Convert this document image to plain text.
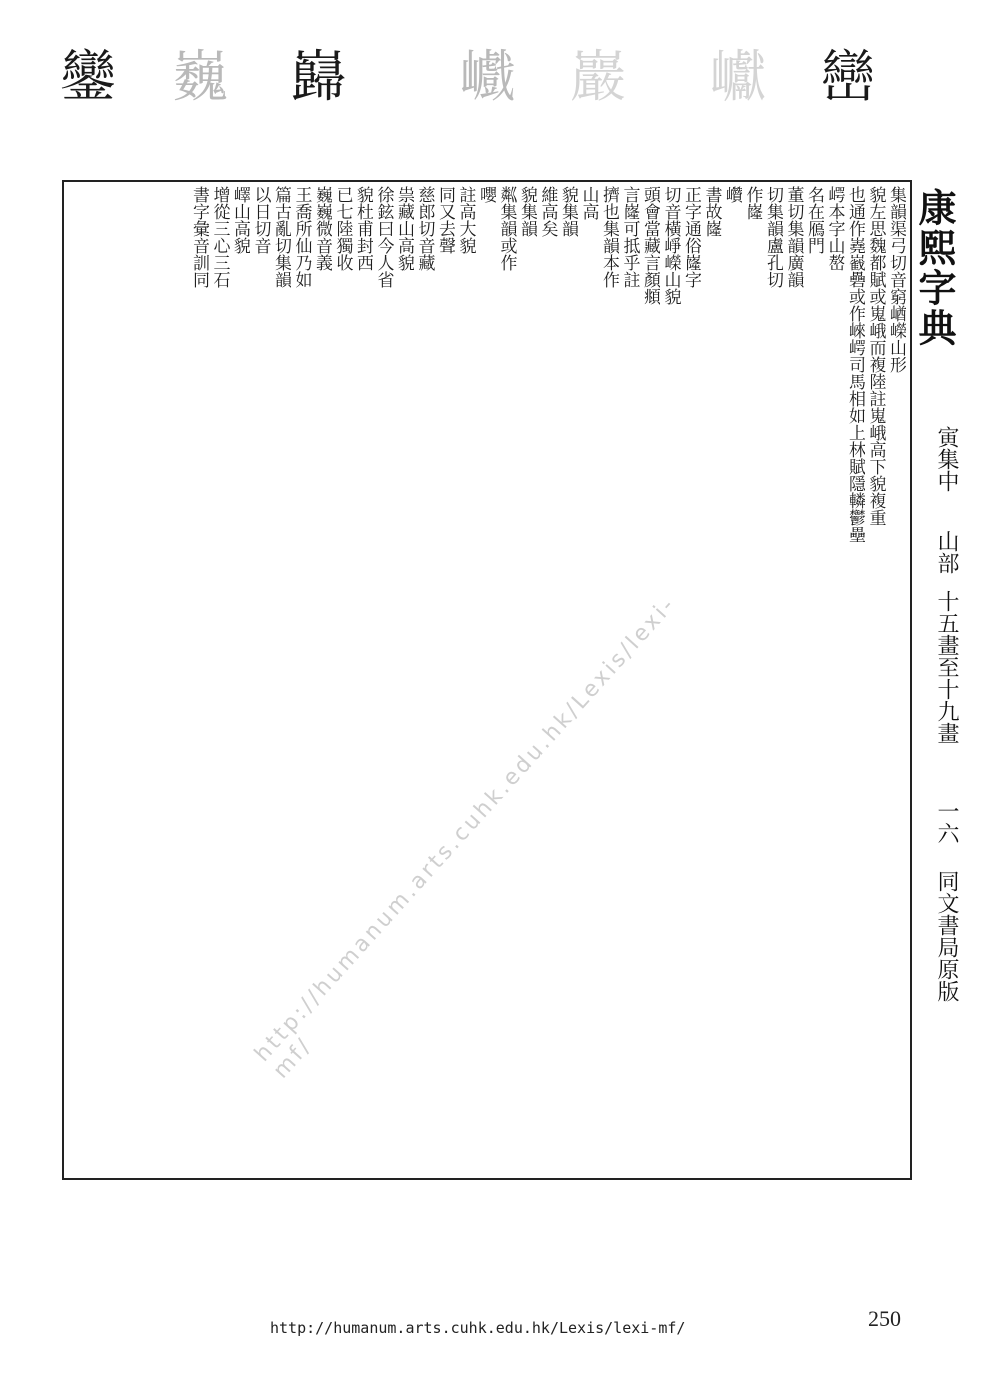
鑾 巍 巋 巇 巖 巘 巒
康熙字典
寅集中
山部
十五畫至十九畫
一六
同文書局原版
集韻渠弓切音窮崷嶸山形
貌左思魏都賦或嵬峨而複陸註嵬峨高下貌複重
也通作嶤巀礨或作崍崿司馬相如上林賦隱轔鬱壘
崿本字山嶅
名在鴈門
董切集韻廣韻
切集韻盧孔切
作嶐
巑
書故嶐
正字通俗嶐字
切音橫崢嶸山貌
頭會當藏言顏頫
言嶐可抵乎註
擠也集韻本作
山高
貌集韻
維高矣
貌集韻
粼集韻或作
嚶
註高大貌
同又去聲
慈郎切音藏
祟藏山高貌
徐鉉曰今人省
貌杜甫封西
已七陸獨收
巍巍微音義
王喬所仙乃如
篇古亂切集韻
以日切音
嶧山高貌
增從三心三石
書字彙音訓同
http://humanum.arts.cuhk.edu.hk/Lexis/lexi-mf/
http://humanum.arts.cuhk.edu.hk/Lexis/lexi-mf/	250
